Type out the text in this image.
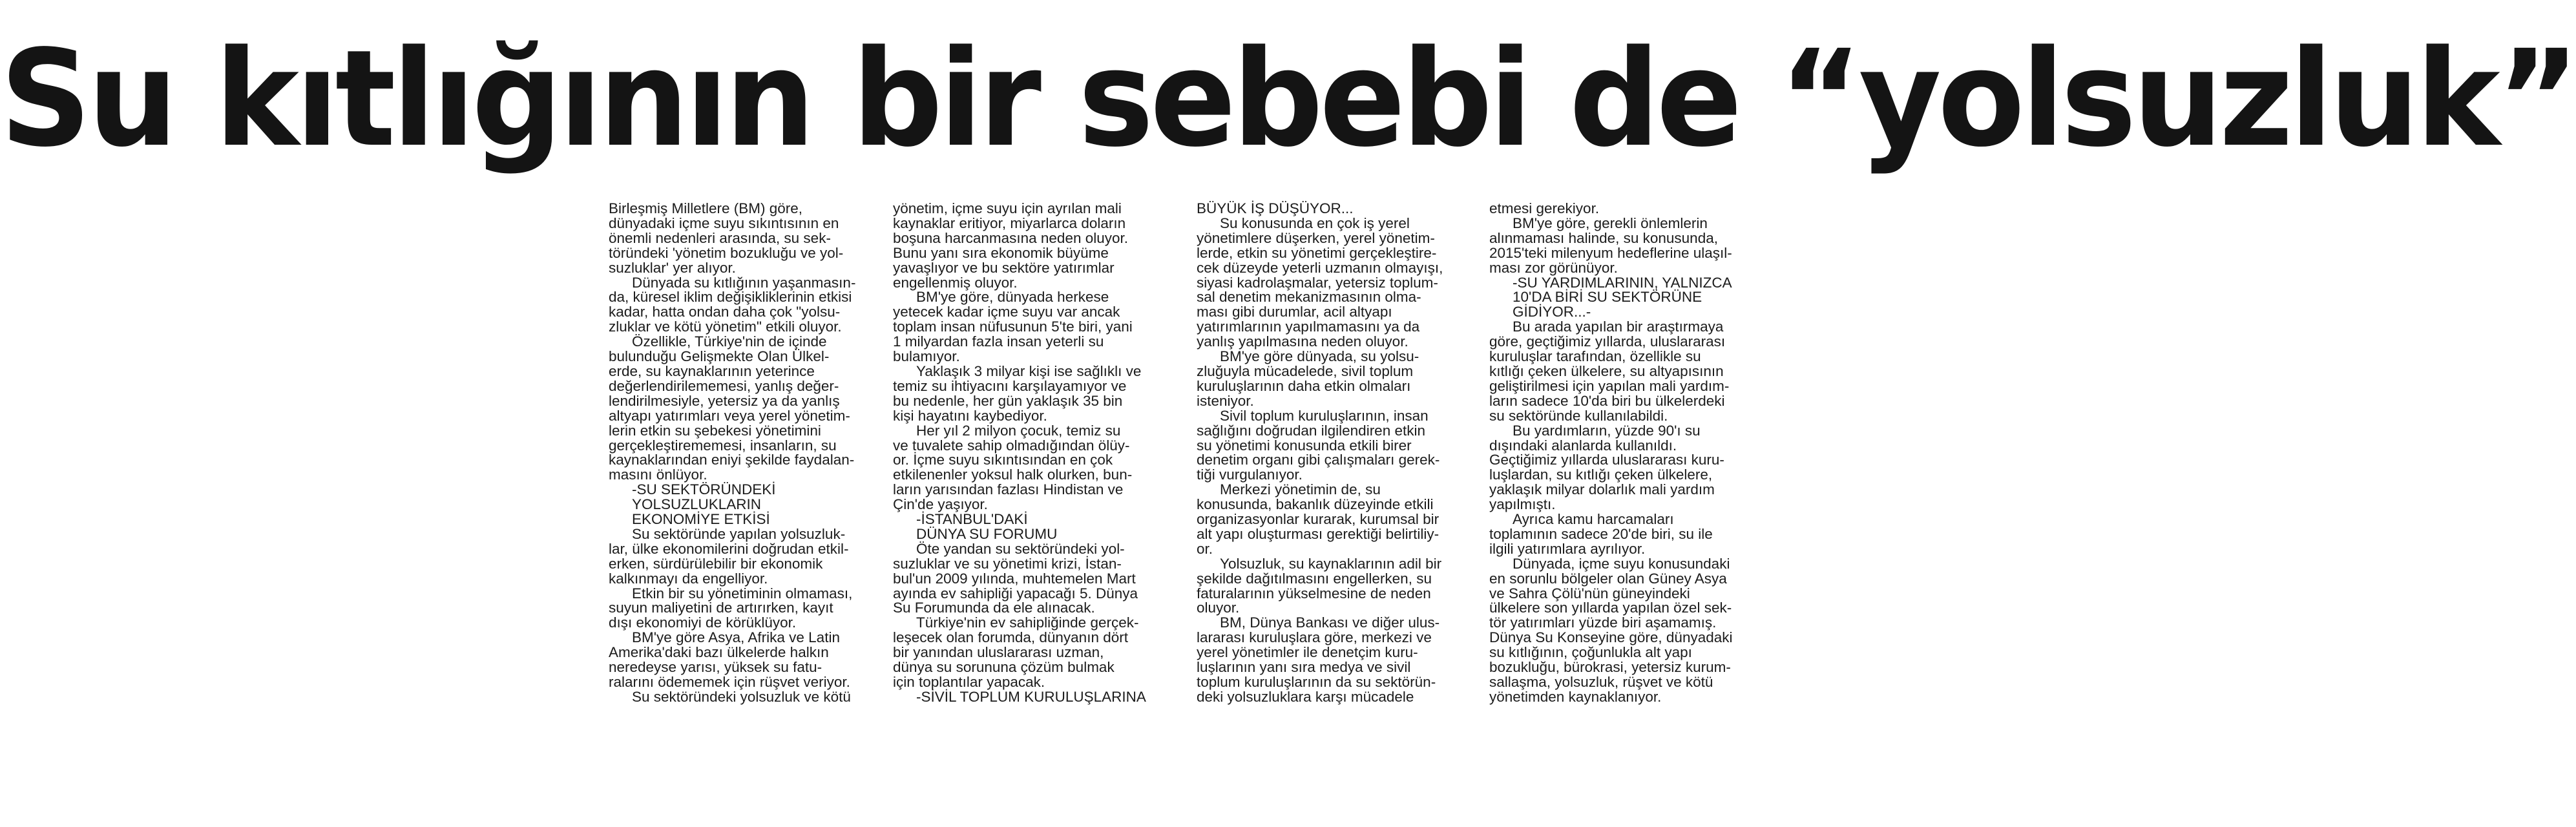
Su kıtlığının bir sebebi de “yolsuzluk”

Birleşmiş Milletlere (BM) göre,
dünyadaki içme suyu sıkıntısının en
önemli nedenleri arasında, su sek-
töründeki 'yönetim bozukluğu ve yol-
suzluklar' yer alıyor.

Dünyada su kıtlığının yaşanmasın-
da, küresel iklim değişikliklerinin etkisi
kadar, hatta ondan daha çok "yolsu-
zluklar ve kötü yönetim" etkili oluyor.

Özellikle, Türkiye'nin de içinde
bulunduğu Gelişmekte Olan Ülkel-
erde, su kaynaklarının yeterince
değerlendirilememesi, yanlış değer-
lendirilmesiyle, yetersiz ya da yanlış
altyapı yatırımları veya yerel yönetim-
lerin etkin su şebekesi yönetimini
gerçekleştirememesi, insanların, su
kaynaklarından eniyi şekilde faydalan-
masını önlüyor.

-SU SEKTÖRÜNDEKİ
YOLSUZLUKLARIN
EKONOMİYE ETKİSİ

Su sektöründe yapılan yolsuzluk-
lar, ülke ekonomilerini doğrudan etkil-
erken, sürdürülebilir bir ekonomik
kalkınmayı da engelliyor.

Etkin bir su yönetiminin olmaması,
suyun maliyetini de artırırken, kayıt
dışı ekonomiyi de körüklüyor.

BM'ye göre Asya, Afrika ve Latin
Amerika'daki bazı ülkelerde halkın
neredeyse yarısı, yüksek su fatu-
ralarını ödememek için rüşvet veriyor.

Su sektöründeki yolsuzluk ve kötü

yönetim, içme suyu için ayrılan mali
kaynaklar eritiyor, miyarlarca doların
boşuna harcanmasına neden oluyor.
Bunu yanı sıra ekonomik büyüme
yavaşlıyor ve bu sektöre yatırımlar
engellenmiş oluyor.

BM'ye göre, dünyada herkese
yetecek kadar içme suyu var ancak
toplam insan nüfusunun 5'te biri, yani
1 milyardan fazla insan yeterli su
bulamıyor.

Yaklaşık 3 milyar kişi ise sağlıklı ve
temiz su ihtiyacını karşılayamıyor ve
bu nedenle, her gün yaklaşık 35 bin
kişi hayatını kaybediyor.

Her yıl 2 milyon çocuk, temiz su
ve tuvalete sahip olmadığından ölüy-
or. İçme suyu sıkıntısından en çok
etkilenenler yoksul halk olurken, bun-
ların yarısından fazlası Hindistan ve
Çin'de yaşıyor.

-İSTANBUL'DAKİ
DÜNYA SU FORUMU

Öte yandan su sektöründeki yol-
suzluklar ve su yönetimi krizi, İstan-
bul'un 2009 yılında, muhtemelen Mart
ayında ev sahipliği yapacağı 5. Dünya
Su Forumunda da ele alınacak.

Türkiye'nin ev sahipliğinde gerçek-
leşecek olan forumda, dünyanın dört
bir yanından uluslararası uzman,
dünya su sorununa çözüm bulmak
için toplantılar yapacak.

-SİVİL TOPLUM KURULUŞLARINA

BÜYÜK İŞ DÜŞÜYOR...

Su konusunda en çok iş yerel
yönetimlere düşerken, yerel yönetim-
lerde, etkin su yönetimi gerçekleştire-
cek düzeyde yeterli uzmanın olmayışı,
siyasi kadrolaşmalar, yetersiz toplum-
sal denetim mekanizmasının olma-
ması gibi durumlar, acil altyapı
yatırımlarının yapılmamasını ya da
yanlış yapılmasına neden oluyor.

BM'ye göre dünyada, su yolsu-
zluğuyla mücadelede, sivil toplum
kuruluşlarının daha etkin olmaları
isteniyor.

Sivil toplum kuruluşlarının, insan
sağlığını doğrudan ilgilendiren etkin
su yönetimi konusunda etkili birer
denetim organı gibi çalışmaları gerek-
tiği vurgulanıyor.

Merkezi yönetimin de, su
konusunda, bakanlık düzeyinde etkili
organizasyonlar kurarak, kurumsal bir
alt yapı oluşturması gerektiği belirtiliy-
or.

Yolsuzluk, su kaynaklarının adil bir
şekilde dağıtılmasını engellerken, su
faturalarının yükselmesine de neden
oluyor.

BM, Dünya Bankası ve diğer ulus-
lararası kuruluşlara göre, merkezi ve
yerel yönetimler ile denetçim kuru-
luşlarının yanı sıra medya ve sivil
toplum kuruluşlarının da su sektörün-
deki yolsuzluklara karşı mücadele

etmesi gerekiyor.

BM'ye göre, gerekli önlemlerin
alınmaması halinde, su konusunda,
2015'teki milenyum hedeflerine ulaşıl-
ması zor görünüyor.

-SU YARDIMLARININ, YALNIZCA
10'DA BİRİ SU SEKTÖRÜNE
GİDİYOR...-

Bu arada yapılan bir araştırmaya
göre, geçtiğimiz yıllarda, uluslararası
kuruluşlar tarafından, özellikle su
kıtlığı çeken ülkelere, su altyapısının
geliştirilmesi için yapılan mali yardım-
ların sadece 10'da biri bu ülkelerdeki
su sektöründe kullanılabildi.

Bu yardımların, yüzde 90'ı su
dışındaki alanlarda kullanıldı.
Geçtiğimiz yıllarda uluslararası kuru-
luşlardan, su kıtlığı çeken ülkelere,
yaklaşık milyar dolarlık mali yardım
yapılmıştı.

Ayrıca kamu harcamaları
toplamının sadece 20'de biri, su ile
ilgili yatırımlara ayrılıyor.

Dünyada, içme suyu konusundaki
en sorunlu bölgeler olan Güney Asya
ve Sahra Çölü'nün güneyindeki
ülkelere son yıllarda yapılan özel sek-
tör yatırımları yüzde biri aşamamış.
Dünya Su Konseyine göre, dünyadaki
su kıtlığının, çoğunlukla alt yapı
bozukluğu, bürokrasi, yetersiz kurum-
sallaşma, yolsuzluk, rüşvet ve kötü
yönetimden kaynaklanıyor.
